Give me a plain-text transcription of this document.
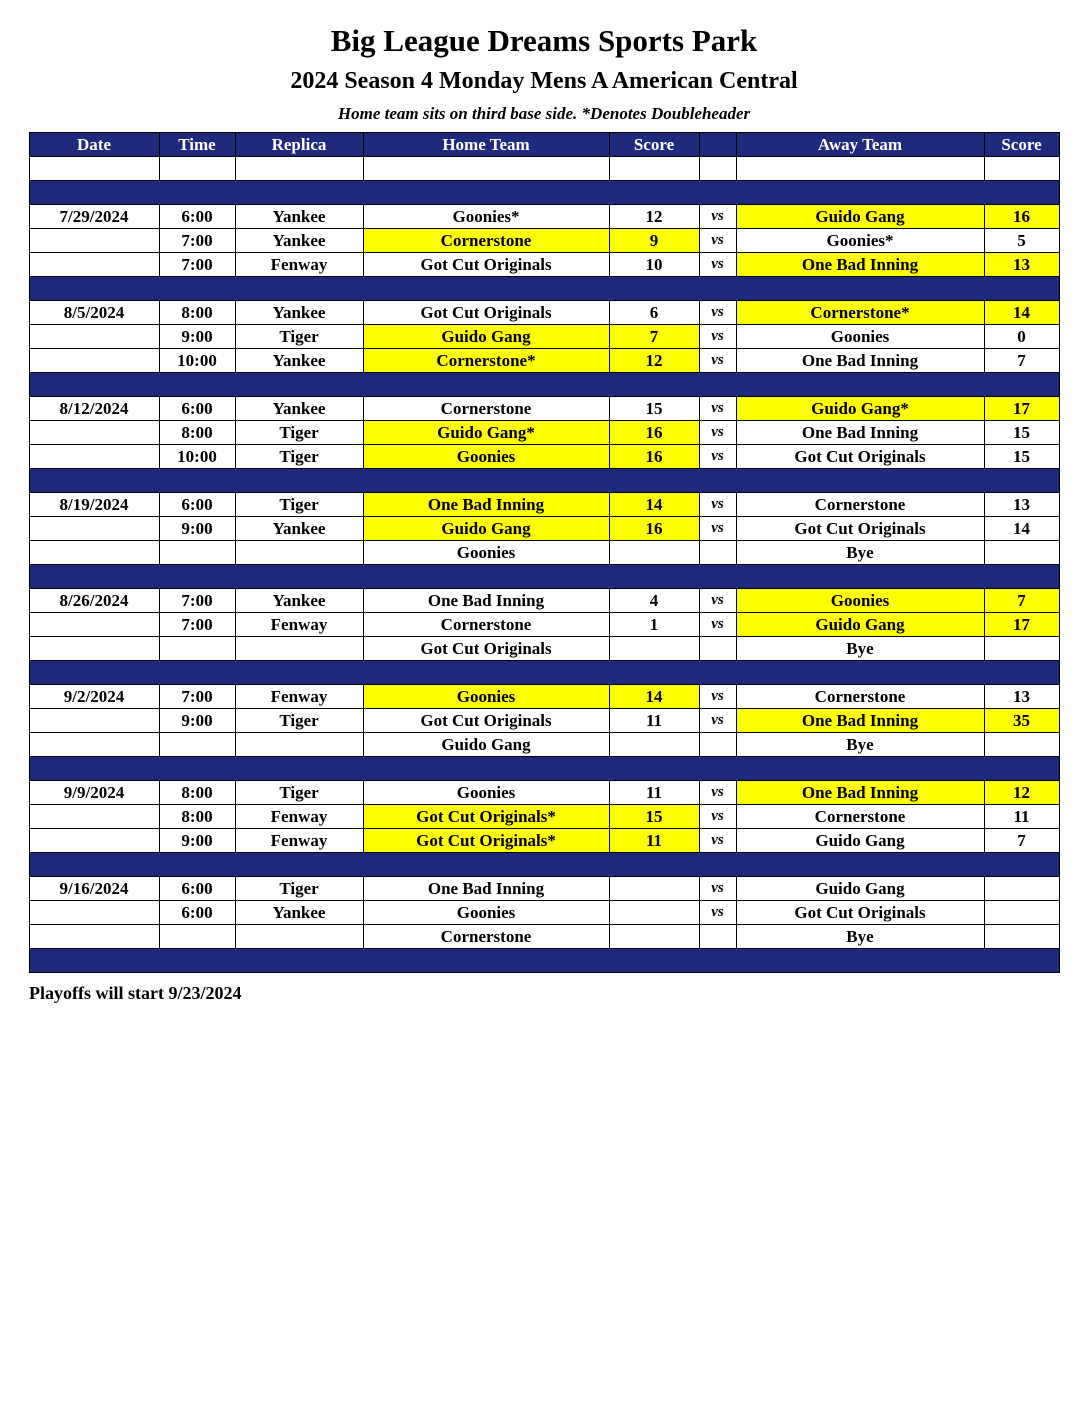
Big League Dreams Sports Park
2024 Season 4 Monday Mens A American Central
Home team sits on third base side. *Denotes Doubleheader
Date	Time	Replica	Home Team	Score		Away Team	Score

7/29/2024	6:00	Yankee	Goonies*	12	vs	Guido Gang	16
	7:00	Yankee	Cornerstone	9	vs	Goonies*	5
	7:00	Fenway	Got Cut Originals	10	vs	One Bad Inning	13

8/5/2024	8:00	Yankee	Got Cut Originals	6	vs	Cornerstone*	14
	9:00	Tiger	Guido Gang	7	vs	Goonies	0
	10:00	Yankee	Cornerstone*	12	vs	One Bad Inning	7

8/12/2024	6:00	Yankee	Cornerstone	15	vs	Guido Gang*	17
	8:00	Tiger	Guido Gang*	16	vs	One Bad Inning	15
	10:00	Tiger	Goonies	16	vs	Got Cut Originals	15

8/19/2024	6:00	Tiger	One Bad Inning	14	vs	Cornerstone	13
	9:00	Yankee	Guido Gang	16	vs	Got Cut Originals	14
			Goonies			Bye	

8/26/2024	7:00	Yankee	One Bad Inning	4	vs	Goonies	7
	7:00	Fenway	Cornerstone	1	vs	Guido Gang	17
			Got Cut Originals			Bye	

9/2/2024	7:00	Fenway	Goonies	14	vs	Cornerstone	13
	9:00	Tiger	Got Cut Originals	11	vs	One Bad Inning	35
			Guido Gang			Bye	

9/9/2024	8:00	Tiger	Goonies	11	vs	One Bad Inning	12
	8:00	Fenway	Got Cut Originals*	15	vs	Cornerstone	11
	9:00	Fenway	Got Cut Originals*	11	vs	Guido Gang	7

9/16/2024	6:00	Tiger	One Bad Inning		vs	Guido Gang	
	6:00	Yankee	Goonies		vs	Got Cut Originals	
			Cornerstone			Bye	

Playoffs will start 9/23/2024
